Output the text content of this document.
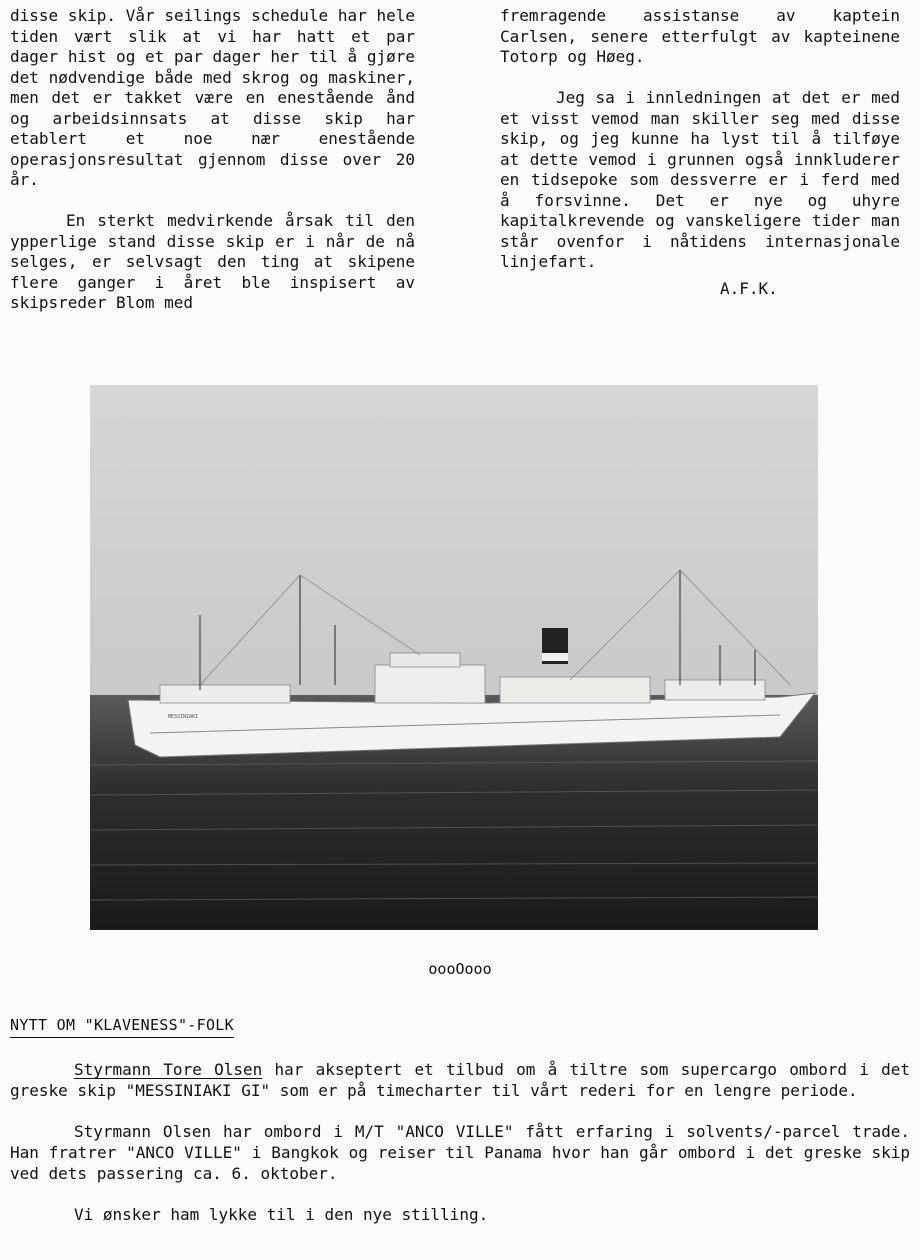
disse skip. Vår seilings schedule har hele tiden vært slik at vi har hatt et par dager hist og et par dager her til å gjøre det nødvendige både med skrog og maskiner, men det er takket være en enestående ånd og arbeidsinnsats at disse skip har etablert et noe nær enestående operasjonsresultat gjennom disse over 20 år.

En sterkt medvirkende årsak til den ypperlige stand disse skip er i når de nå selges, er selvsagt den ting at skipene flere ganger i året ble inspisert av skipsreder Blom med

fremragende assistanse av kaptein Carlsen, senere etterfulgt av kapteinene Totorp og Høeg.

Jeg sa i innledningen at det er med et visst vemod man skiller seg med disse skip, og jeg kunne ha lyst til å tilføye at dette vemod i grunnen også innkluderer en tidsepoke som dessverre er i ferd med å forsvinne. Det er nye og uhyre kapitalkrevende og vanskeligere tider man står ovenfor i nåtidens internasjonale linjefart.

A.F.K.

MESSINIAKI
oooOooo
NYTT OM "KLAVENESS"-FOLK

Styrmann Tore Olsen har akseptert et tilbud om å tiltre som supercargo ombord i det greske skip "MESSINIAKI GI" som er på timecharter til vårt rederi for en lengre periode.

Styrmann Olsen har ombord i M/T "ANCO VILLE" fått erfaring i solvents/-parcel trade. Han fratrer "ANCO VILLE" i Bangkok og reiser til Panama hvor han går ombord i det greske skip ved dets passering ca. 6. oktober.

Vi ønsker ham lykke til i den nye stilling.
